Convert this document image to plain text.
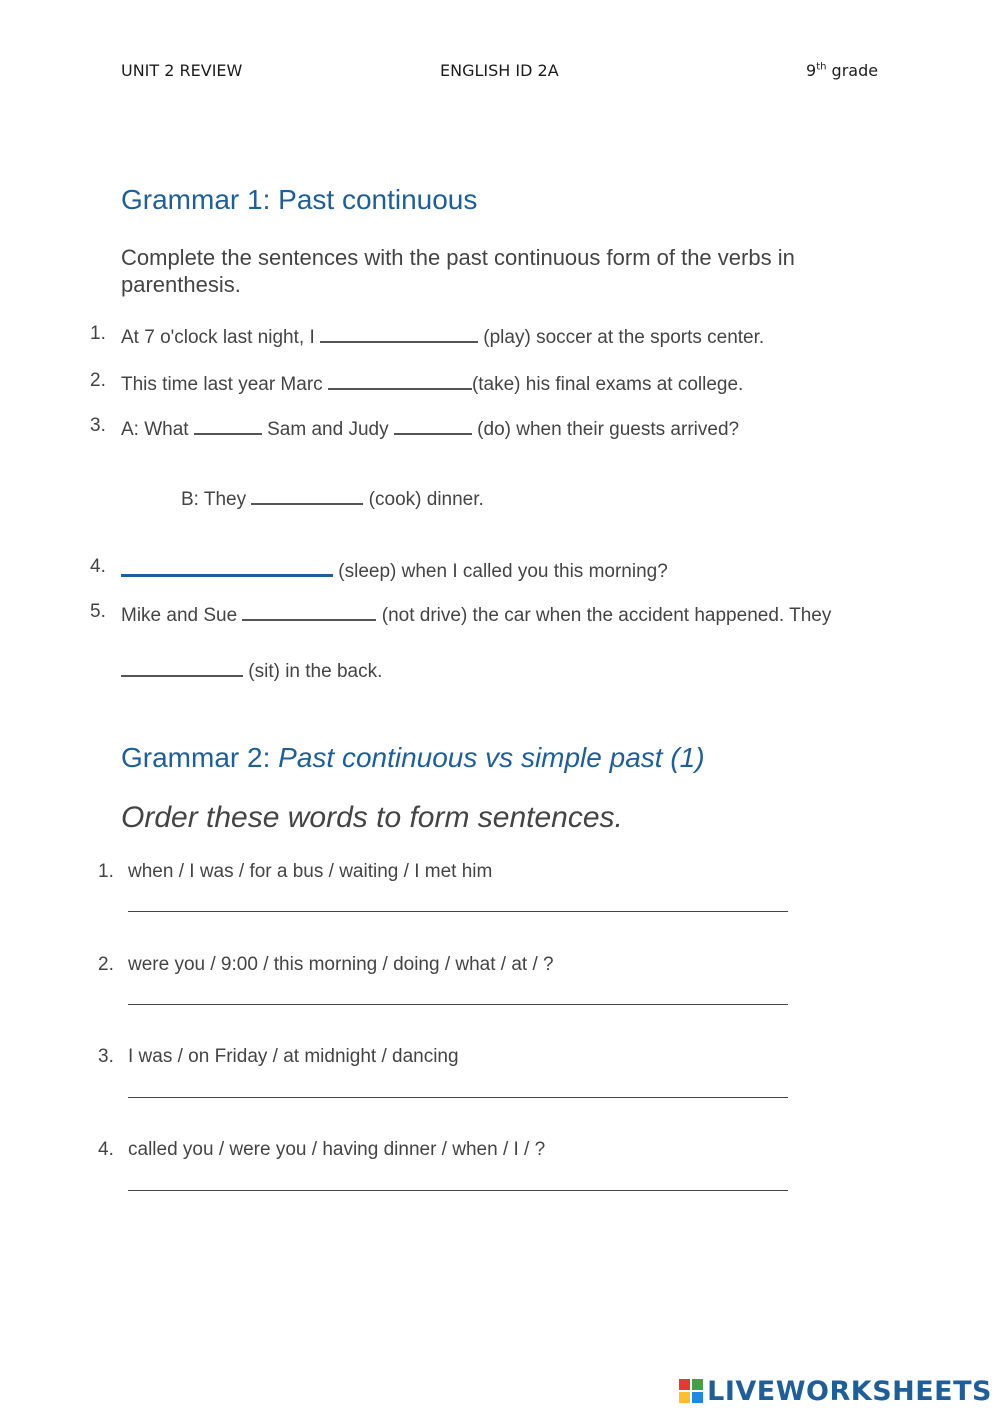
UNIT 2 REVIEW	ENGLISH ID 2A	9th grade
Grammar 1: Past continuous
Complete the sentences with the past continuous form of the verbs in parenthesis.
1. At 7 o'clock last night, I	(play) soccer at the sports center.
2. This time last year Marc	(take) his final exams at college.
3. A: What	Sam and Judy	(do) when their guests arrived?
B: They	(cook) dinner.
4.	(sleep) when I called you this morning?
5. Mike and Sue	(not drive) the car when the accident happened. They
(sit) in the back.
Grammar 2: Past continuous vs simple past (1)
Order these words to form sentences.
1. when / I was / for a bus / waiting / I met him
2. were you / 9:00 / this morning / doing / what / at / ?
3. I was / on Friday / at midnight / dancing
4. called you / were you / having dinner / when / I / ?
LIVEWORKSHEETS
